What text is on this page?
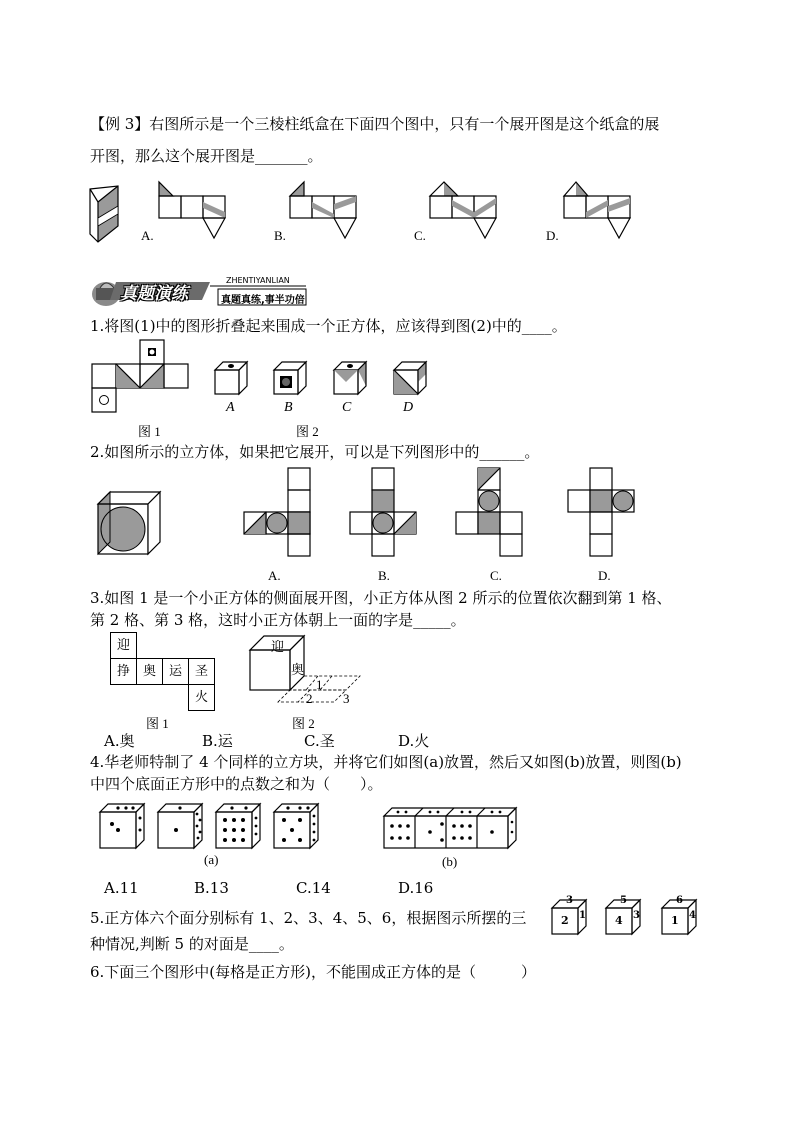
【例 3】右图所示是一个三棱柱纸盒在下面四个图中，只有一个展开图是这个纸盒的展
开图，那么这个展开图是_______。
A.	B.	C.	D.
真题演练
ZHENTIYANLIAN
真题真练,事半功倍
1.将图(1)中的图形折叠起来围成一个正方体，应该得到图(2)中的____。
A	B	C	D
图 1	图 2
2.如图所示的立方体，如果把它展开，可以是下列图形中的______。
A.	B.	C.	D.
3.如图 1 是一个小正方体的侧面展开图，小正方体从图 2 所示的位置依次翻到第 1 格、
第 2 格、第 3 格，这时小正方体朝上一面的字是_____。
迎
挣 奥 运 圣
火
迎
奥
1
2 3
图 1	图 2
A.奥	B.运	C.圣	D.火
4.华老师特制了 4 个同样的立方块，并将它们如图(a)放置，然后又如图(b)放置，则图(b)
中四个底面正方形中的点数之和为（　　）。
(a)	(b)
A.11	B.13	C.14	D.16
5.正方体六个面分别标有 1、2、3、4、5、6，根据图示所摆的三
种情况,判断 5 的对面是____。
3
2 1
5
4 3
6
1 4
6.下面三个图形中(每格是正方形)，不能围成正方体的是（　　　）
